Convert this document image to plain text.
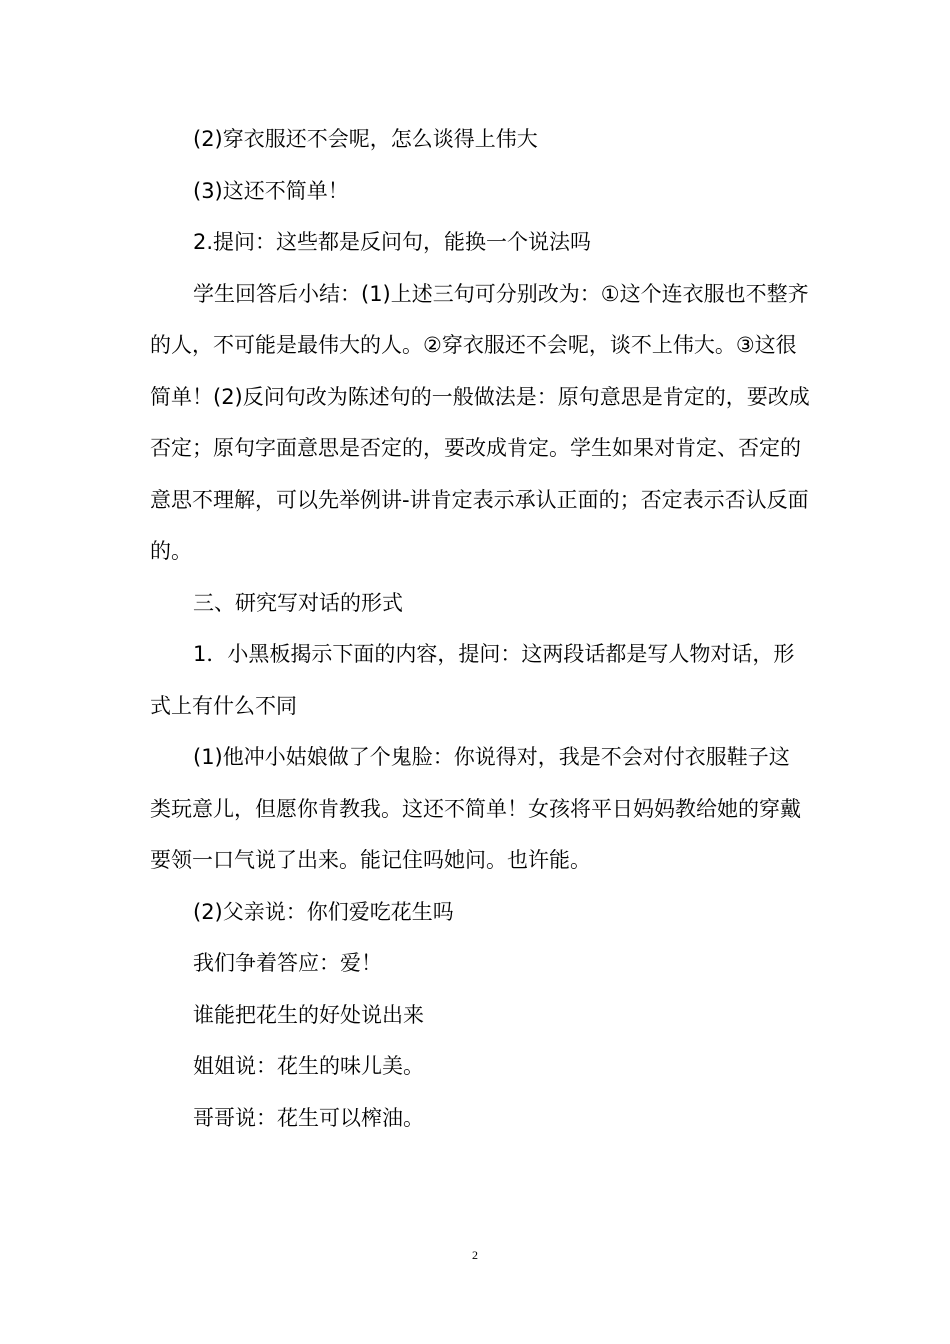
(2)穿衣服还不会呢，怎么谈得上伟大

(3)这还不简单！

2.提问：这些都是反问句，能换一个说法吗

学生回答后小结：(1)上述三句可分别改为：①这个连衣服也不整齐的人，不可能是最伟大的人。②穿衣服还不会呢，谈不上伟大。③这很简单！(2)反问句改为陈述句的一般做法是：原句意思是肯定的，要改成否定；原句字面意思是否定的，要改成肯定。学生如果对肯定、否定的意思不理解，可以先举例讲-讲肯定表示承认正面的；否定表示否认反面的。

三、研究写对话的形式

1．小黑板揭示下面的内容，提问：这两段话都是写人物对话，形式上有什么不同

(1)他冲小姑娘做了个鬼脸：你说得对，我是不会对付衣服鞋子这类玩意儿，但愿你肯教我。这还不简单！女孩将平日妈妈教给她的穿戴要领一口气说了出来。能记住吗她问。也许能。

(2)父亲说：你们爱吃花生吗

我们争着答应：爱！

谁能把花生的好处说出来

姐姐说：花生的味儿美。

哥哥说：花生可以榨油。

2
